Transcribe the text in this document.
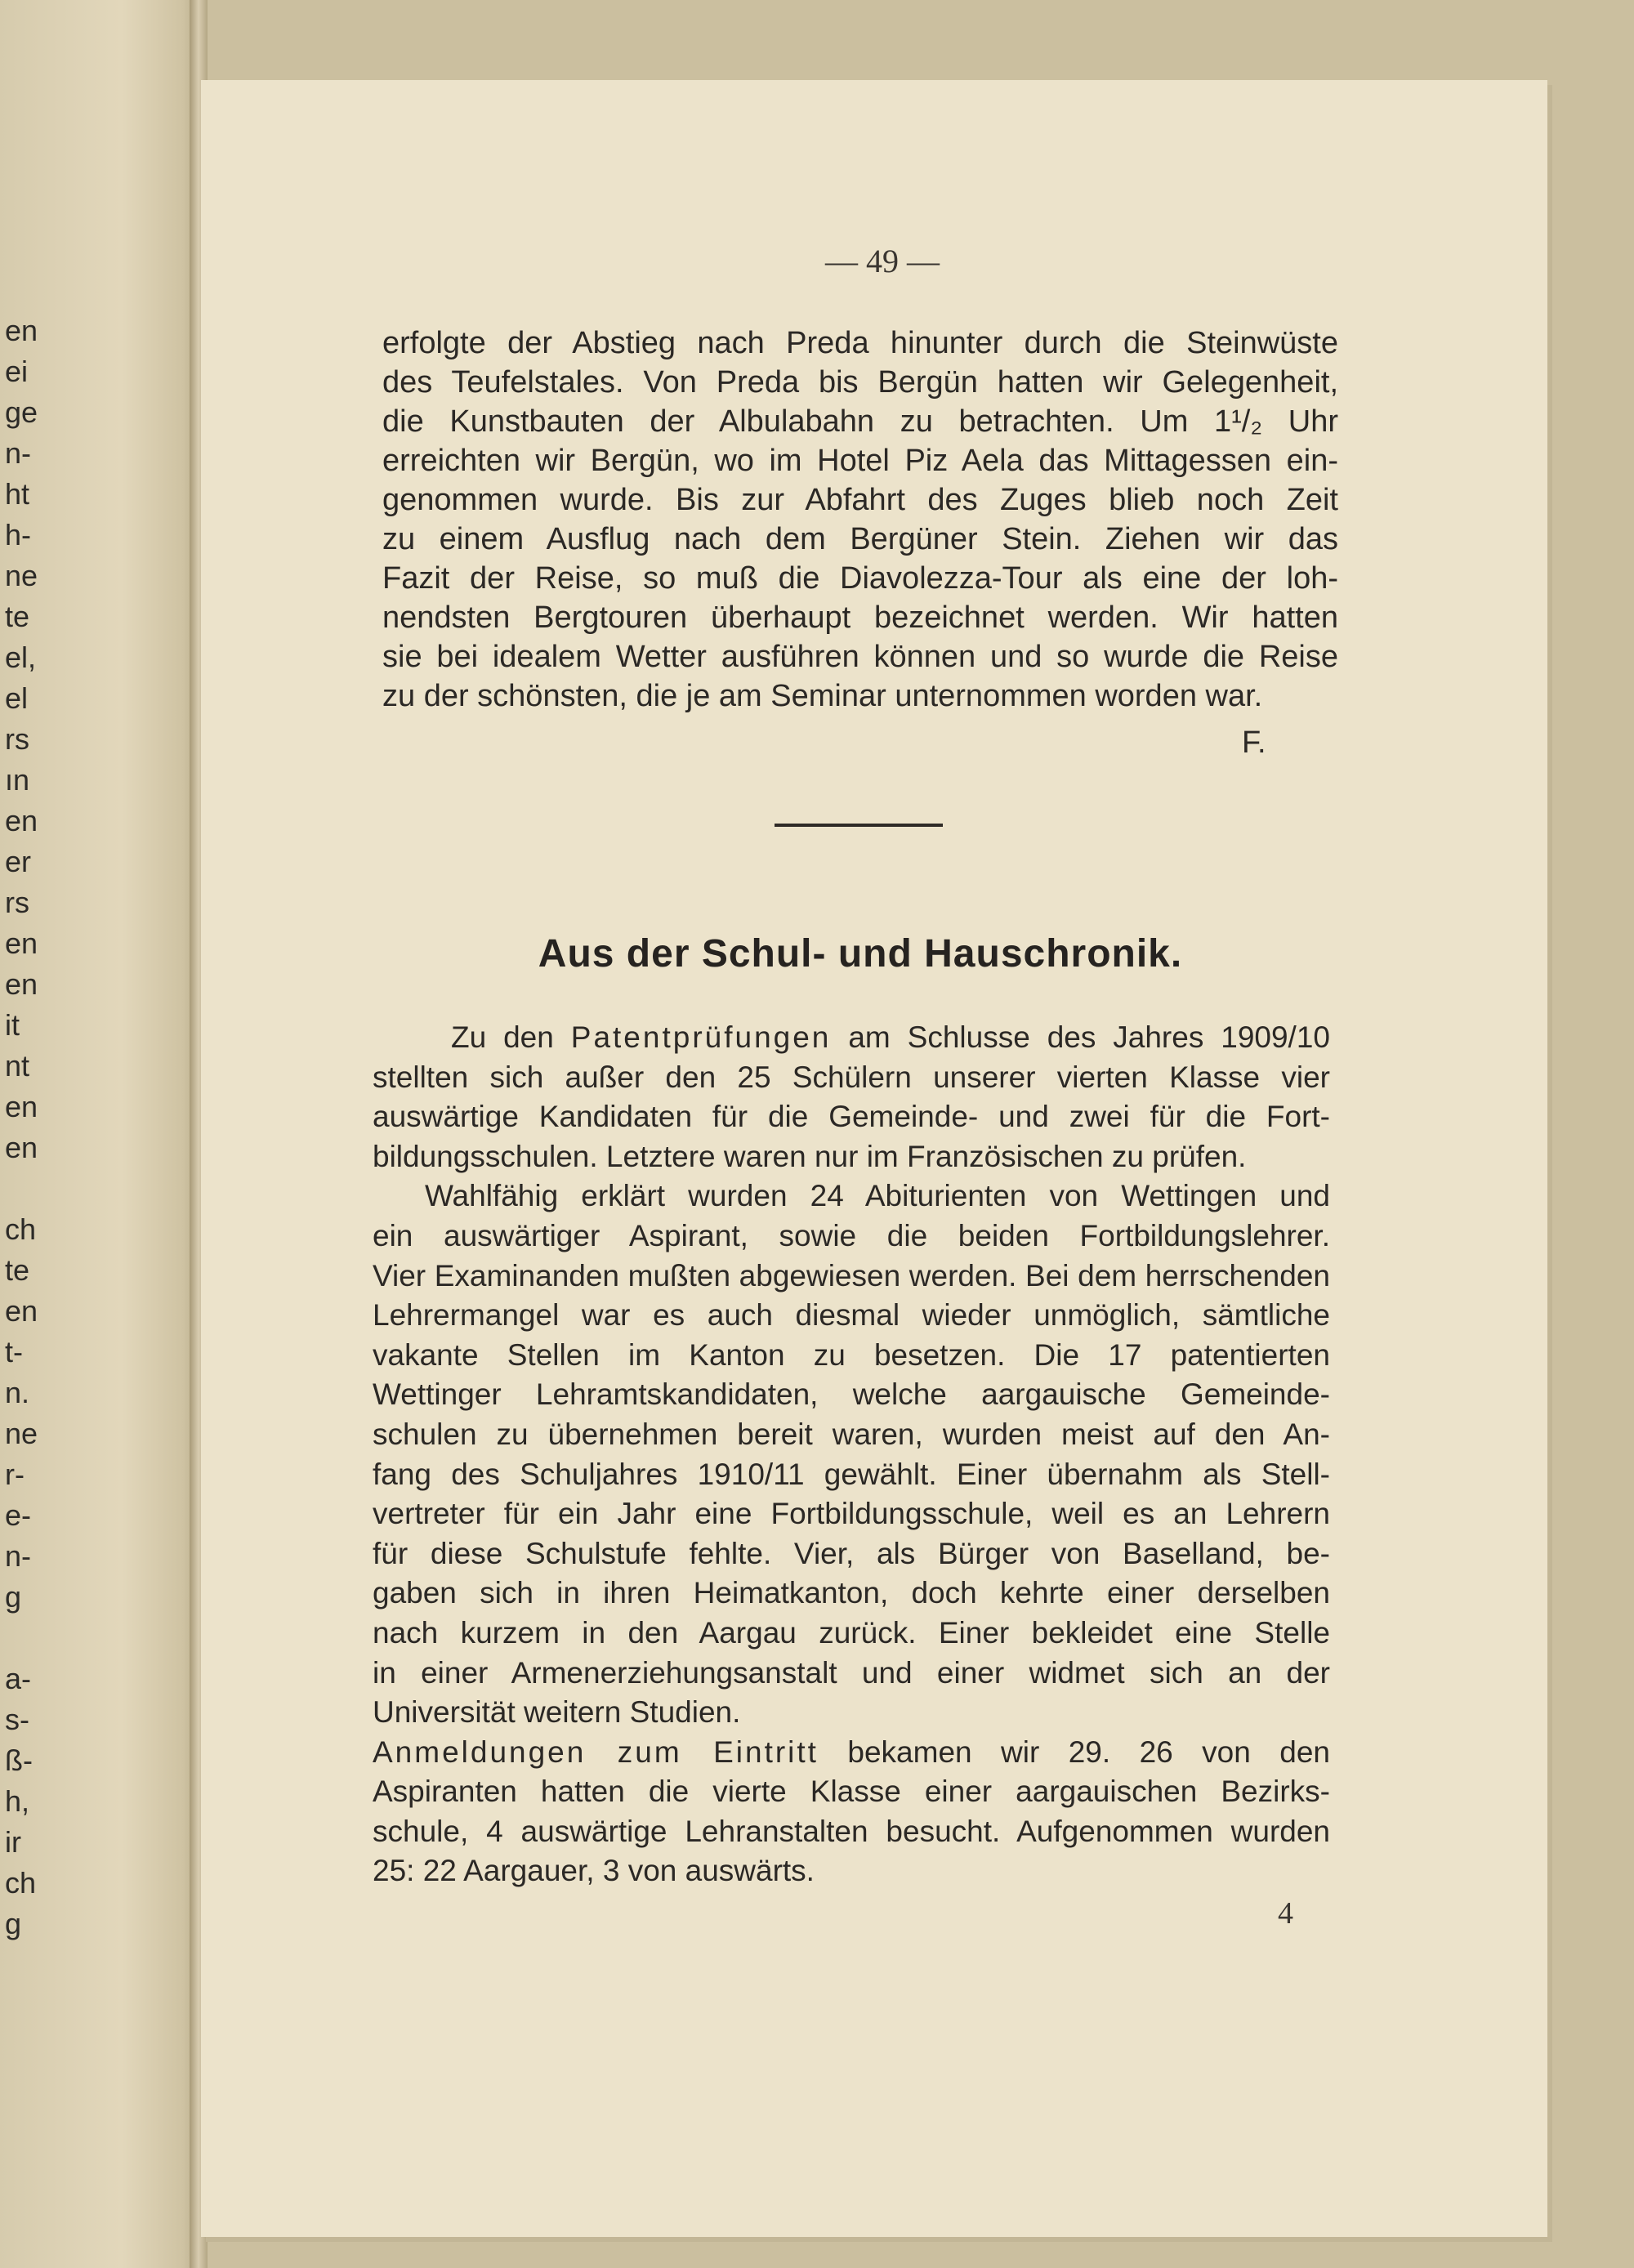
en
ei
ge
n-
ht
h-
ne
te
el,
el
rs
ın
en
er
rs
en
en
it
nt
en
en
ch
te
en
t-
n.
ne
r-
e-
n-
g
a-
s-
ß-
h,
ir
ch
g
— 49 —
erfolgte der Abstieg nach Preda hinunter durch die Steinwüste
des Teufelstales. Von Preda bis Bergün hatten wir Gelegenheit,
die Kunstbauten der Albulabahn zu betrachten. Um 1¹/₂ Uhr
erreichten wir Bergün, wo im Hotel Piz Aela das Mittagessen ein-
genommen wurde. Bis zur Abfahrt des Zuges blieb noch Zeit
zu einem Ausflug nach dem Bergüner Stein. Ziehen wir das
Fazit der Reise, so muß die Diavolezza-Tour als eine der loh-
nendsten Bergtouren überhaupt bezeichnet werden. Wir hatten
sie bei idealem Wetter ausführen können und so wurde die Reise
zu der schönsten, die je am Seminar unternommen worden war.
F.
Aus der Schul- und Hauschronik.
Zu den Patentprüfungen am Schlusse des Jahres 1909/10
stellten sich außer den 25 Schülern unserer vierten Klasse vier
auswärtige Kandidaten für die Gemeinde- und zwei für die Fort-
bildungsschulen. Letztere waren nur im Französischen zu prüfen.
Wahlfähig erklärt wurden 24 Abiturienten von Wettingen und
ein auswärtiger Aspirant, sowie die beiden Fortbildungslehrer.
Vier Examinanden mußten abgewiesen werden. Bei dem herrschenden
Lehrermangel war es auch diesmal wieder unmöglich, sämtliche
vakante Stellen im Kanton zu besetzen. Die 17 patentierten
Wettinger Lehramtskandidaten, welche aargauische Gemeinde-
schulen zu übernehmen bereit waren, wurden meist auf den An-
fang des Schuljahres 1910/11 gewählt. Einer übernahm als Stell-
vertreter für ein Jahr eine Fortbildungsschule, weil es an Lehrern
für diese Schulstufe fehlte. Vier, als Bürger von Baselland, be-
gaben sich in ihren Heimatkanton, doch kehrte einer derselben
nach kurzem in den Aargau zurück. Einer bekleidet eine Stelle
in einer Armenerziehungsanstalt und einer widmet sich an der
Universität weitern Studien.
Anmeldungen zum Eintritt bekamen wir 29. 26 von den
Aspiranten hatten die vierte Klasse einer aargauischen Bezirks-
schule, 4 auswärtige Lehranstalten besucht. Aufgenommen wurden
25: 22 Aargauer, 3 von auswärts.
4
